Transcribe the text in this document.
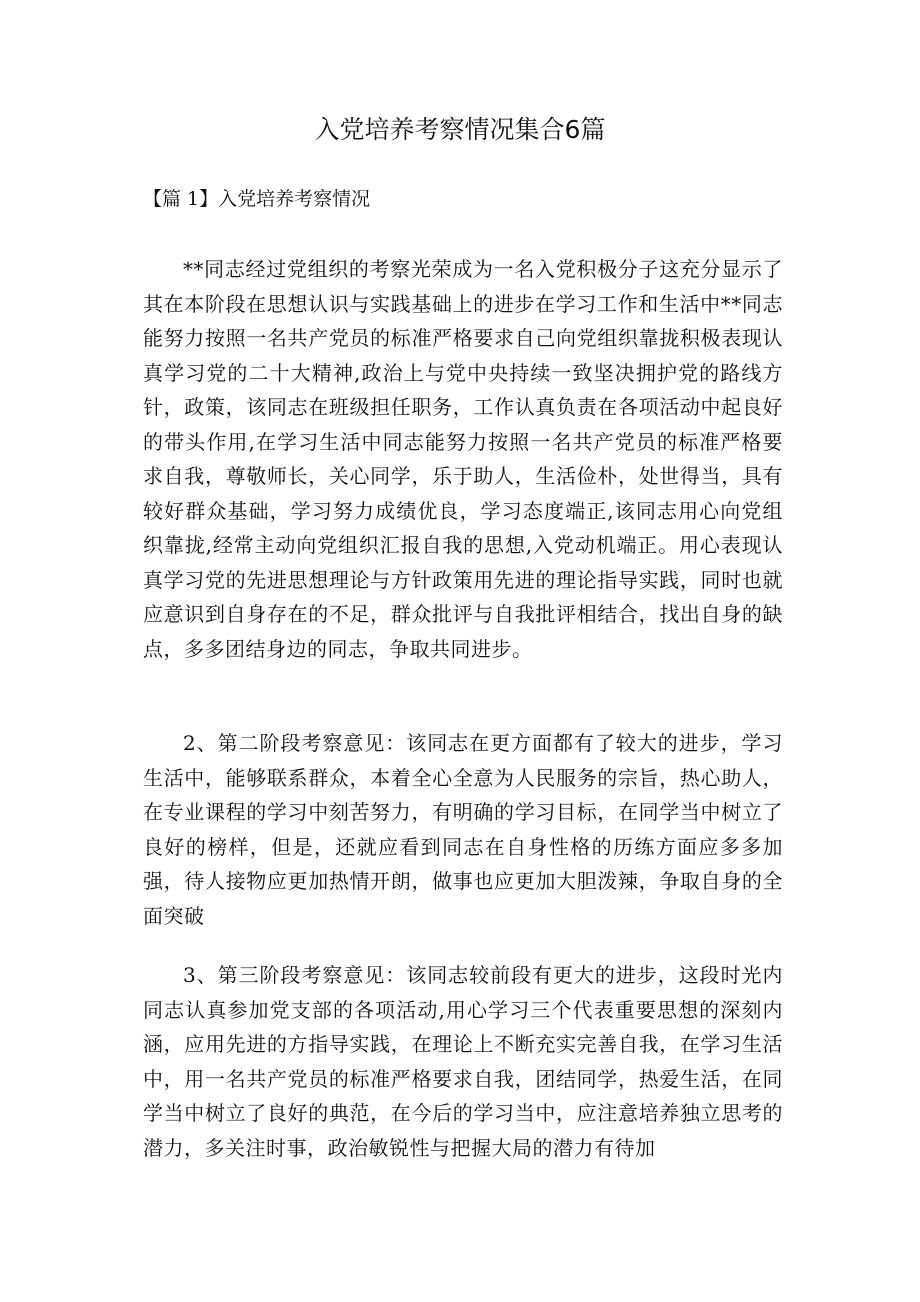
入党培养考察情况集合6篇
【篇 1】入党培养考察情况

**同志经过党组织的考察光荣成为一名入党积极分子这充分显示了其在本阶段在思想认识与实践基础上的进步在学习工作和生活中**同志能努力按照一名共产党员的标准严格要求自己向党组织靠拢积极表现认真学习党的二十大精神,政治上与党中央持续一致坚决拥护党的路线方针，政策，该同志在班级担任职务，工作认真负责在各项活动中起良好的带头作用,在学习生活中同志能努力按照一名共产党员的标准严格要求自我，尊敬师长，关心同学，乐于助人，生活俭朴，处世得当，具有较好群众基础，学习努力成绩优良，学习态度端正,该同志用心向党组织靠拢,经常主动向党组织汇报自我的思想,入党动机端正。用心表现认真学习党的先进思想理论与方针政策用先进的理论指导实践，同时也就应意识到自身存在的不足，群众批评与自我批评相结合，找出自身的缺点，多多团结身边的同志，争取共同进步。

2、第二阶段考察意见：该同志在更方面都有了较大的进步，学习生活中，能够联系群众，本着全心全意为人民服务的宗旨，热心助人，在专业课程的学习中刻苦努力，有明确的学习目标，在同学当中树立了良好的榜样，但是，还就应看到同志在自身性格的历练方面应多多加强，待人接物应更加热情开朗，做事也应更加大胆泼辣，争取自身的全面突破

3、第三阶段考察意见：该同志较前段有更大的进步，这段时光内同志认真参加党支部的各项活动,用心学习三个代表重要思想的深刻内涵，应用先进的方指导实践，在理论上不断充实完善自我，在学习生活中，用一名共产党员的标准严格要求自我，团结同学，热爱生活，在同学当中树立了良好的典范，在今后的学习当中，应注意培养独立思考的潜力，多关注时事，政治敏锐性与把握大局的潜力有待加
